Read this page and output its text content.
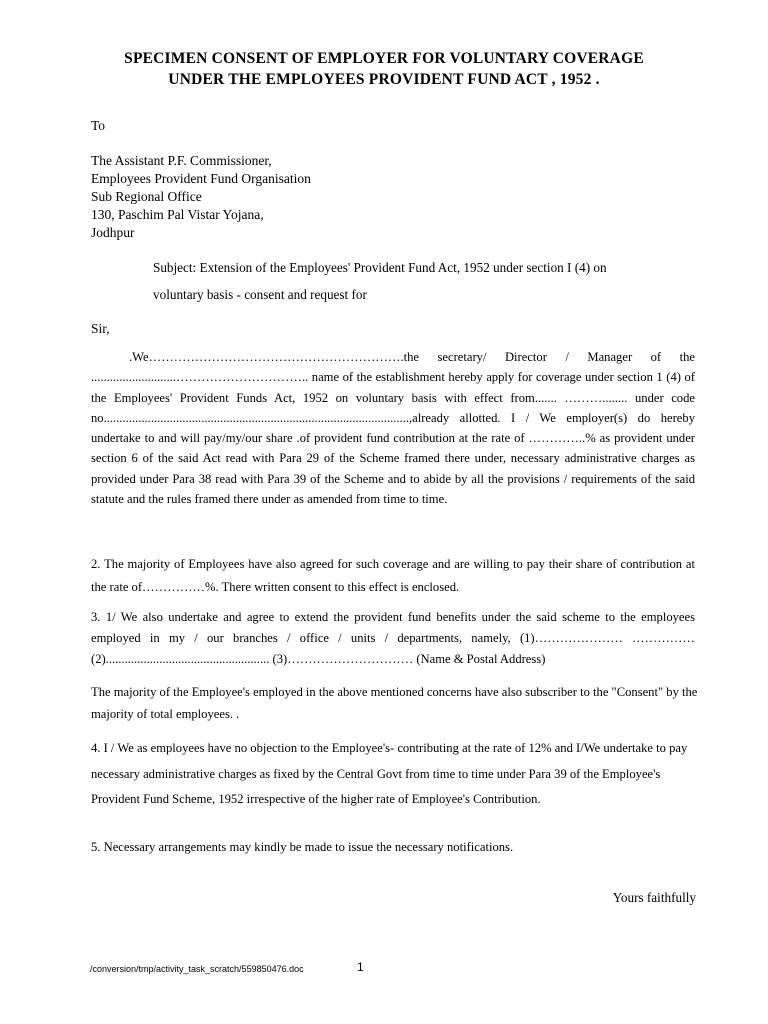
SPECIMEN CONSENT OF EMPLOYER FOR VOLUNTARY COVERAGE
UNDER THE EMPLOYEES PROVIDENT FUND ACT , 1952 .
To
The Assistant P.F. Commissioner,
Employees Provident Fund Organisation
Sub Regional Office
130, Paschim Pal Vistar Yojana,
Jodhpur
Subject: Extension of the Employees' Provident Fund Act, 1952 under section I (4) on
voluntary basis - consent and request for
Sir,
.We…………………………………………………….the secretary/ Director / Manager of the ...........................………………………….. name of the establishment hereby apply for coverage under section 1 (4) of the Employees' Provident Funds Act, 1952 on voluntary basis with effect from....... ………........ under code no.................................................................................................,already allotted. I / We employer(s) do hereby undertake to and will pay/my/our share .of provident fund contribution at the rate of …………..% as provident under section 6 of the said Act read with Para 29 of the Scheme framed there under, necessary administrative charges as provided under Para 38 read with Para 39 of the Scheme and to abide by all the provisions / requirements of the said statute and the rules framed there under as amended from time to time.
2. The majority of Employees have also agreed for such coverage and are willing to pay their share of contribution at the rate of……………%. There written consent to this effect is enclosed.
3. 1/ We also undertake and agree to extend the provident fund benefits under the said scheme to the employees employed in my / our branches / office / units / departments, namely, (1)………………… …………… (2).................................................... (3)………………………… (Name & Postal Address)
The majority of the Employee's employed in the above mentioned concerns have also subscriber to the "Consent" by the majority of total employees. .
4. I / We as employees have no objection to the Employee's- contributing at the rate of 12% and I/We undertake to pay necessary administrative charges as fixed by the Central Govt from time to time under Para 39 of the Employee's Provident Fund Scheme, 1952 irrespective of the higher rate of Employee's Contribution.
5. Necessary arrangements may kindly be made to issue the necessary notifications.
Yours faithfully
/conversion/tmp/activity_task_scratch/559850476.doc	1
